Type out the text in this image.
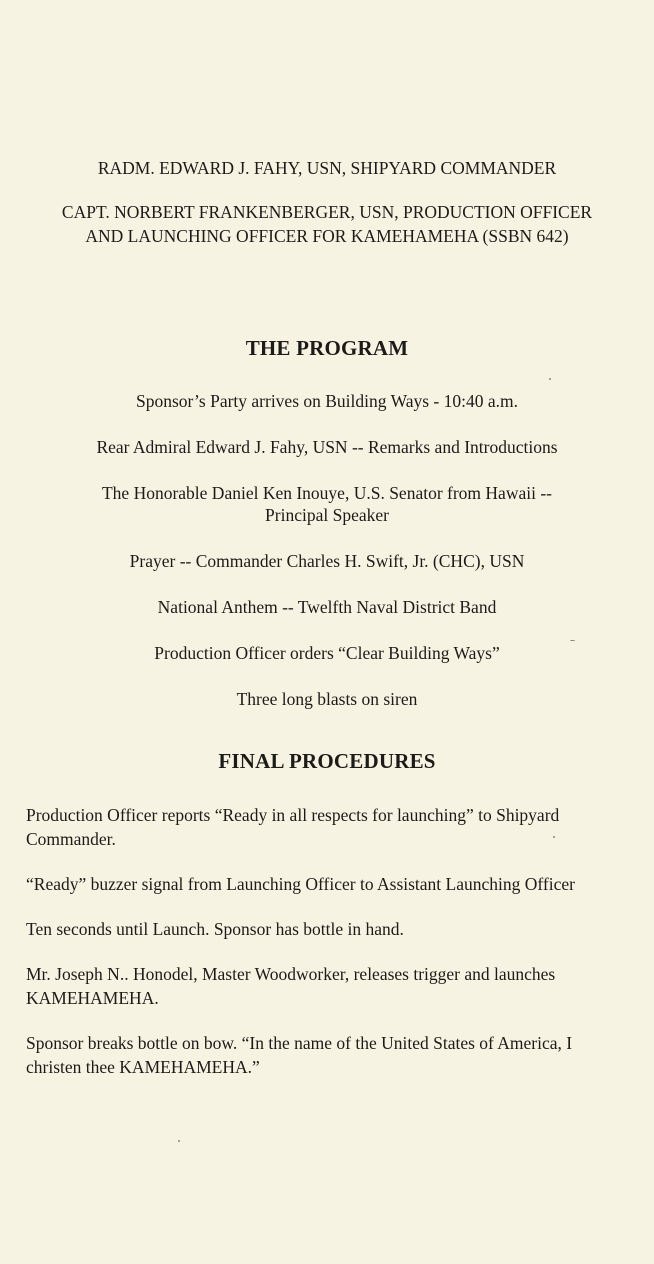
RADM. EDWARD J. FAHY, USN, SHIPYARD COMMANDER

CAPT. NORBERT FRANKENBERGER, USN, PRODUCTION OFFICER
AND LAUNCHING OFFICER FOR KAMEHAMEHA (SSBN 642)

THE PROGRAM
Sponsor’s Party arrives on Building Ways - 10:40 a.m.
Rear Admiral Edward J. Fahy, USN -- Remarks and Introductions
The Honorable Daniel Ken Inouye, U.S. Senator from Hawaii --
Principal Speaker
Prayer -- Commander Charles H. Swift, Jr. (CHC), USN
National Anthem -- Twelfth Naval District Band
Production Officer orders “Clear Building Ways”
Three long blasts on siren
FINAL PROCEDURES
Production Officer reports “Ready in all respects for launching” to Shipyard Commander.
“Ready” buzzer signal from Launching Officer to Assistant Launching Officer
Ten seconds until Launch. Sponsor has bottle in hand.
Mr. Joseph N.. Honodel, Master Woodworker, releases trigger and launches KAMEHAMEHA.
Sponsor breaks bottle on bow. “In the name of the United States of America, I christen thee KAMEHAMEHA.”
